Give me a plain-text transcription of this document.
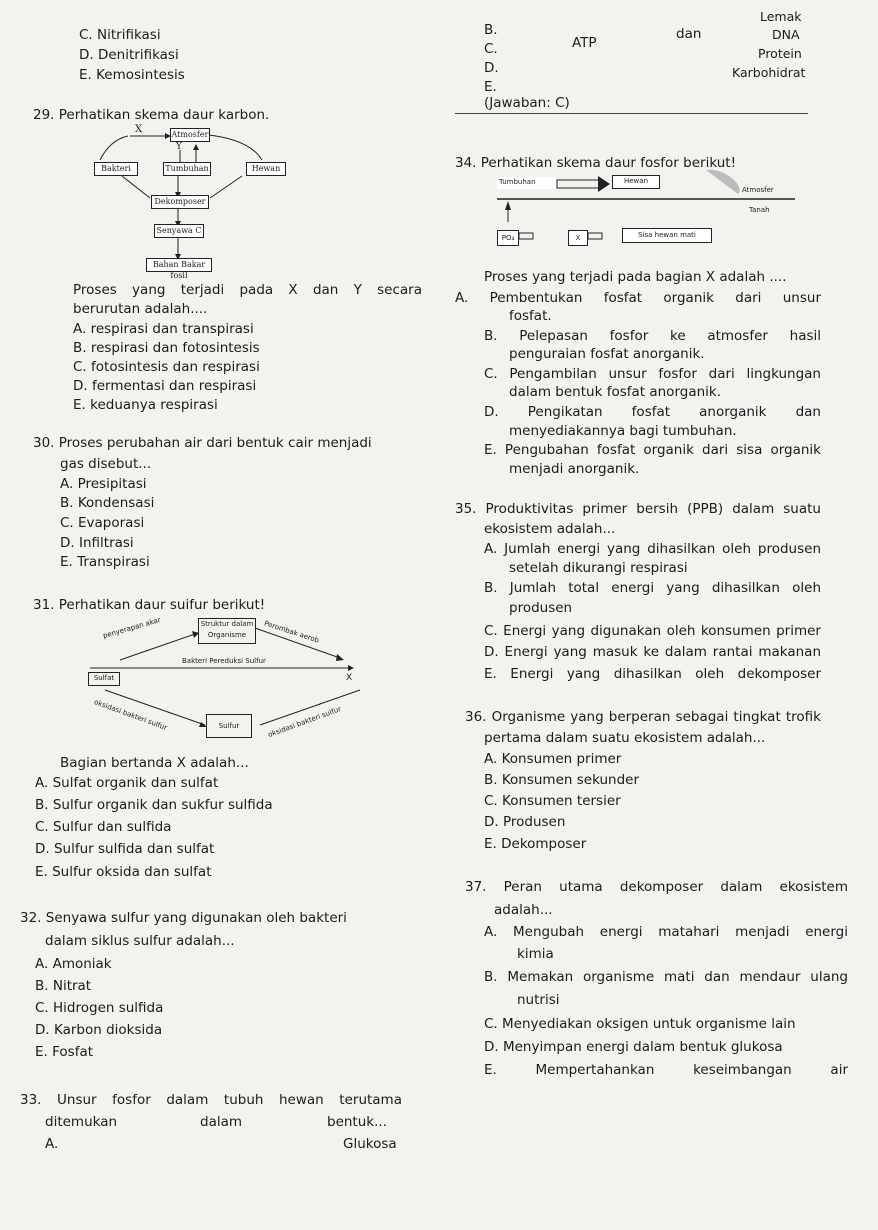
C. Nitrifikasi
D. Denitrifikasi
E. Kemosintesis
B.
C.
D.
E.
ATP
dan
Lemak
DNA
Protein
Karbohidrat
(Jawaban: C)
29. Perhatikan skema daur karbon.
X	Atmosfer
Y
Bakteri	Tumbuhan	Hewan
Dekomposer
Senyawa C
Bahan Bakar fosil
Proses yang terjadi pada X dan Y secara
berurutan adalah....
A. respirasi dan transpirasi
B. respirasi dan fotosintesis
C. fotosintesis dan respirasi
D. fermentasi dan respirasi
E. keduanya respirasi
30. Proses perubahan air dari bentuk cair menjadi
gas disebut...
A. Presipitasi
B. Kondensasi
C. Evaporasi
D. Infiltrasi
E. Transpirasi
31. Perhatikan daur suifur berikut!
penyerapan akar	Struktur dalam
Organisme	Perombak aerob
Sulfat
Bakteri Pereduksi Sulfur
X
oksidasi bakteri sulfur	Sulfur	oksidasi bakteri sulfur
Bagian bertanda X adalah...
A. Sulfat organik dan sulfat
B. Sulfur organik dan sukfur sulfida
C. Sulfur dan sulfida
D. Sulfur sulfida dan sulfat
E. Sulfur oksida dan sulfat
32. Senyawa sulfur yang digunakan oleh bakteri
dalam siklus sulfur adalah...
A. Amoniak
B. Nitrat
C. Hidrogen sulfida
D. Karbon dioksida
E. Fosfat
33. Unsur fosfor dalam tubuh hewan terutama
ditemukan	dalam	bentuk...
A.	Glukosa
34. Perhatikan skema daur fosfor berikut!
Tumbuhan	Hewan
Atmosfer
Tanah
PO₄	X	Sisa hewan mati
Proses yang terjadi pada bagian X adalah ....
A. Pembentukan fosfat organik dari unsur
fosfat.
B. Pelepasan fosfor ke atmosfer hasil
penguraian fosfat anorganik.
C. Pengambilan unsur fosfor dari lingkungan
dalam bentuk fosfat anorganik.
D. Pengikatan fosfat anorganik dan
menyediakannya bagi tumbuhan.
E. Pengubahan fosfat organik dari sisa organik
menjadi anorganik.
35. Produktivitas primer bersih (PPB) dalam suatu
ekosistem adalah...
A. Jumlah energi yang dihasilkan oleh produsen
setelah dikurangi respirasi
B. Jumlah total energi yang dihasilkan oleh
produsen
C. Energi yang digunakan oleh konsumen primer
D. Energi yang masuk ke dalam rantai makanan
E. Energi yang dihasilkan oleh dekomposer
36. Organisme yang berperan sebagai tingkat trofik
pertama dalam suatu ekosistem adalah...
A. Konsumen primer
B. Konsumen sekunder
C. Konsumen tersier
D. Produsen
E. Dekomposer
37. Peran utama dekomposer dalam ekosistem
adalah...
A. Mengubah energi matahari menjadi energi
kimia
B. Memakan organisme mati dan mendaur ulang
nutrisi
C. Menyediakan oksigen untuk organisme lain
D. Menyimpan energi dalam bentuk glukosa
E. Mempertahankan keseimbangan air
